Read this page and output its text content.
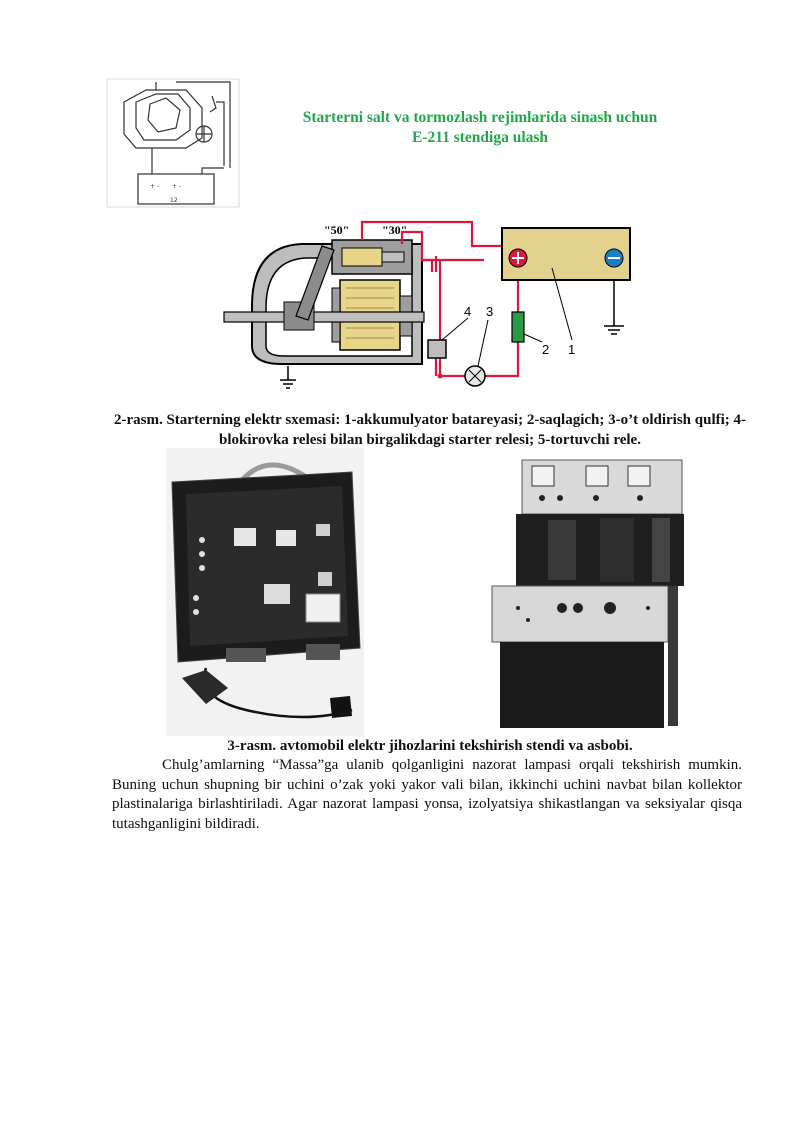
+ - + -
12
Starterni salt va tormozlash rejimlarida sinash uchun
E-211 stendiga ulash
"50"	"30"
1
2
3
4
2-rasm. Starterning elektr sxemasi: 1-akkumulyator batareyasi; 2-saqlagich; 3-o’t oldirish qulfi; 4-blokirovka relesi bilan birgalikdagi starter relesi; 5-tortuvchi rele.
3-rasm. avtomobil elektr jihozlarini tekshirish stendi va asbobi.

Chulg’amlarning “Massa”ga ulanib qolganligini nazorat lampasi orqali tekshirish mumkin. Buning uchun shupning bir uchini o’zak yoki yakor vali bilan, ikkinchi uchini navbat bilan kollektor plastinalariga birlashtiriladi. Agar nazorat lampasi yonsa, izolyatsiya shikastlangan va seksiyalar qisqa tutashganligini bildiradi.
